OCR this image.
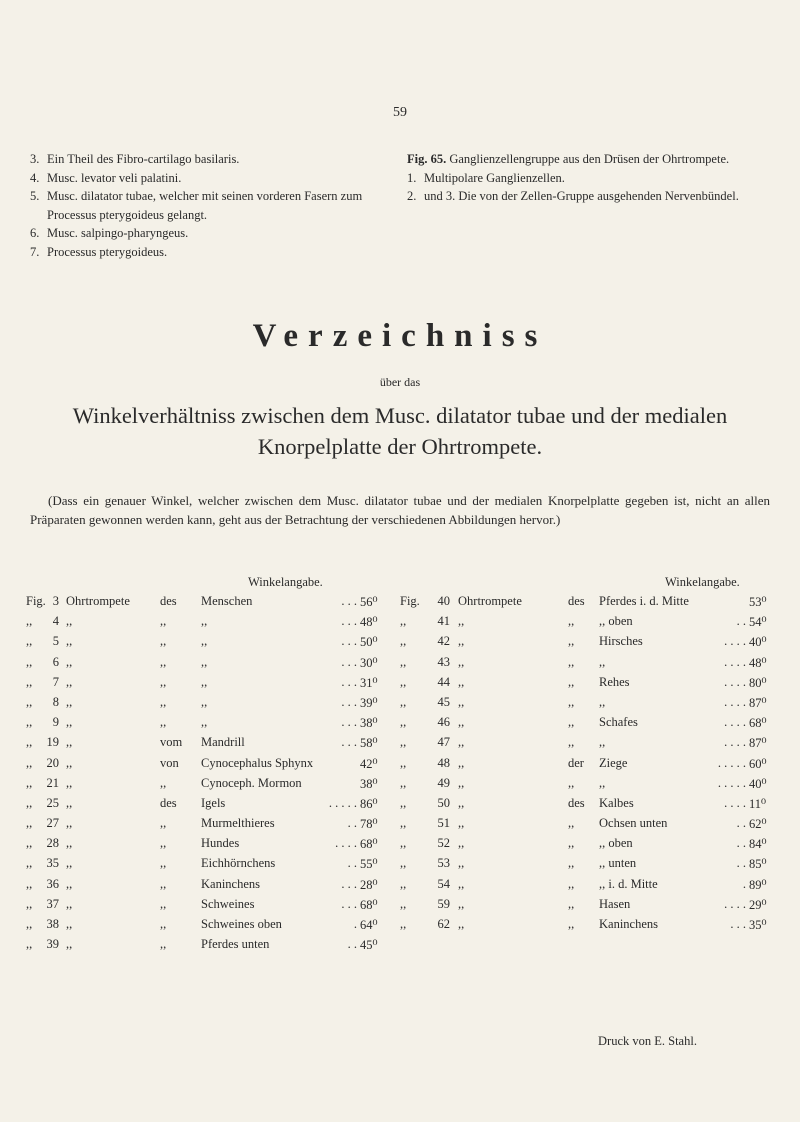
59
3. Ein Theil des Fibro-cartilago basilaris.
4. Musc. levator veli palatini.
5. Musc. dilatator tubae, welcher mit seinen vorderen Fasern zum Processus pterygoideus gelangt.
6. Musc. salpingo-pharyngeus.
7. Processus pterygoideus.
Fig. 65. Ganglienzellengruppe aus den Drüsen der Ohrtrompete.
1. Multipolare Ganglienzellen.
2. und 3. Die von der Zellen-Gruppe ausgehenden Nervenbündel.
Verzeichniss
über das
Winkelverhältniss zwischen dem Musc. dilatator tubae und der medialen
Knorpelplatte der Ohrtrompete.
(Dass ein genauer Winkel, welcher zwischen dem Musc. dilatator tubae und der medialen Knorpelplatte gegeben ist, nicht an allen Präparaten gewonnen werden kann, geht aus der Betrachtung der verschiedenen Abbildungen hervor.)
Winkelangabe.	Winkelangabe.
Fig. 3 Ohrtrompete des Menschen	. . . 56⁰
,,	4 ,,	,,	,,	. . . 48⁰
,,	5 ,,	,,	,,	. . . 50⁰
,,	6 ,,	,,	,,	. . . 30⁰
,,	7 ,,	,,	,,	. . . 31⁰
,,	8 ,,	,,	,,	. . . 39⁰
,,	9 ,,	,,	,,	. . . 38⁰
,,	19 ,,	vom Mandrill	. . . 58⁰
,,	20 ,,	von Cynocephalus Sphynx	42⁰
,,	21 ,,	,,	Cynoceph. Mormon	38⁰
,,	25 ,,	des Igels	. . . . . 86⁰
,,	27 ,,	,,	Murmelthieres	. . 78⁰
,,	28 ,,	,,	Hundes	. . . . 68⁰
,,	35 ,,	,,	Eichhörnchens	. . 55⁰
,,	36 ,,	,,	Kaninchens	. . . 28⁰
,,	37 ,,	,,	Schweines	. . . 68⁰
,,	38 ,,	,,	Schweines oben	. 64⁰
,,	39 ,,	,,	Pferdes unten	. . 45⁰
Fig.	40 Ohrtrompete	des Pferdes i. d. Mitte	53⁰
,,	41 ,,	,, ,, oben	. . 54⁰
,,	42 ,,	,, Hirsches	. . . . 40⁰
,,	43 ,,	,, ,,	. . . . 48⁰
,,	44 ,,	,, Rehes	. . . . 80⁰
,,	45 ,,	,, ,,	. . . . 87⁰
,,	46 ,,	,, Schafes	. . . . 68⁰
,,	47 ,,	,, ,,	. . . . 87⁰
,,	48 ,,	der Ziege	. . . . . 60⁰
,,	49 ,,	,, ,,	. . . . . 40⁰
,,	50 ,,	des Kalbes	. . . . 11⁰
,,	51 ,,	,, Ochsen unten	. . 62⁰
,,	52 ,,	,, ,, oben	. . 84⁰
,,	53 ,,	,, ,, unten	. . 85⁰
,,	54 ,,	,, ,, i. d. Mitte	. 89⁰
,,	59 ,,	,, Hasen	. . . . 29⁰
,,	62 ,,	,, Kaninchens	. . . 35⁰
Druck von E. Stahl.
